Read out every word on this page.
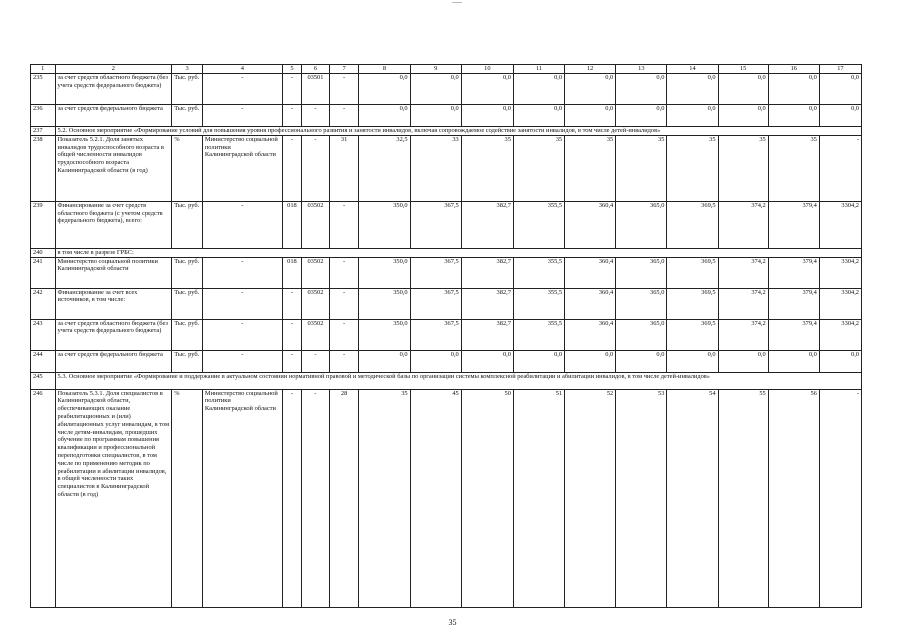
1	2	3	4	5	6	7	8	9	10	11	12	13	14	15	16	17
235	за счет средств областного бюджета (без учета средств федерального бюджета)	Тыс. руб.	-	-	03501	-	0,0	0,0	0,0	0,0	0,0	0,0	0,0	0,0	0,0	0,0
236	за счет средств федерального бюджета	Тыс. руб.	-	-	-	-	0,0	0,0	0,0	0,0	0,0	0,0	0,0	0,0	0,0	0,0
237	5.2. Основное мероприятие «Формирование условий для повышения уровня профессионального развития и занятости инвалидов, включая сопровождаемое содействие занятости инвалидов, в том числе детей-инвалидов»															
238	Показатель 5.2.1. Доля занятых инвалидов трудоспособного возраста в общей численности инвалидов трудоспособного возраста Калининградской области (в год)	%	Министерство социальной политики Калининградской области	-	-	31	32,5	33	35	35	35	35	35	35	35	-
239	Финансирование за счет средств областного бюджета (с учетом средств федерального бюджета), всего:	Тыс. руб.	-	018	03502	-	350,0	367,5	382,7	355,5	360,4	365,0	369,5	374,2	379,4	3304,2
240	в том числе в разрезе ГРБС:															
241	Министерство социальной политики Калининградской области	Тыс. руб.	-	018	03502	-	350,0	367,5	382,7	355,5	360,4	365,0	369,5	374,2	379,4	3304,2
242	Финансирование за счет всех источников, в том числе:	Тыс. руб.	-	-	03502	-	350,0	367,5	382,7	355,5	360,4	365,0	369,5	374,2	379,4	3304,2
243	за счет средств областного бюджета (без учета средств федерального бюджета)	Тыс. руб.	-	-	03502	-	350,0	367,5	382,7	355,5	360,4	365,0	369,5	374,2	379,4	3304,2
244	за счет средств федерального бюджета	Тыс. руб.	-	-	-	-	0,0	0,0	0,0	0,0	0,0	0,0	0,0	0,0	0,0	0,0
245	5.3. Основное мероприятие «Формирование и поддержание в актуальном состоянии нормативной правовой и методической базы по организации системы комплексной реабилитации и абилитации инвалидов, в том числе детей-инвалидов»															
246	Показатель 5.3.1. Доля специалистов в Калининградской области, обеспечивающих оказание реабилитационных и (или) абилитационных услуг инвалидам, в том числе детям-инвалидам, прошедших обучение по программам повышения квалификации и профессиональной переподготовки специалистов, в том числе по применению методик по реабилитации и абилитации инвалидов, в общей численности таких специалистов в Калининградской области (в год)	%	Министерство социальной политики Калининградской области	-	-	28	35	45	50	51	52	53	54	55	56	-
35
